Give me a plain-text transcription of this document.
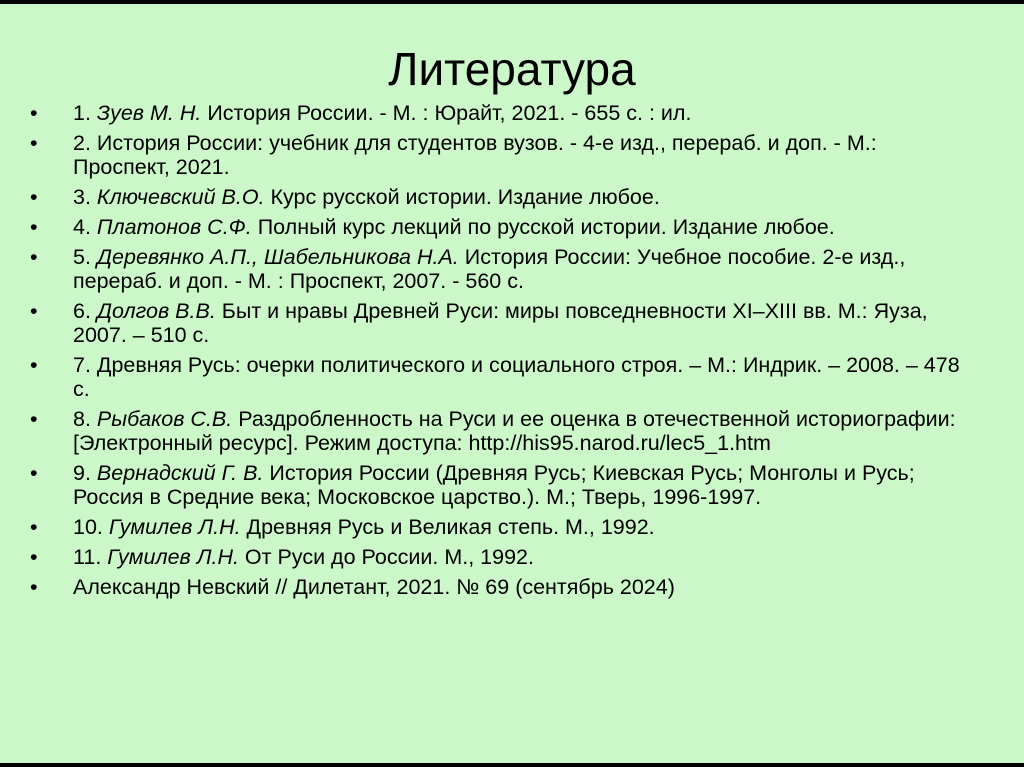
Литература
•	1. Зуев М. Н. История России. - М. : Юрайт, 2021. - 655 с. : ил.
•	2. История России: учебник для студентов вузов. - 4-е изд., перераб. и доп. - М.: Проспект, 2021.
•	3. Ключевский В.О. Курс русской истории. Издание любое.
•	4. Платонов С.Ф. Полный курс лекций по русской истории. Издание любое.
•	5. Деревянко А.П., Шабельникова Н.А. История России: Учебное пособие. 2-е изд., перераб. и доп. - М. : Проспект, 2007. - 560 с.
•	6. Долгов В.В. Быт и нравы Древней Руси: миры повседневности XI–XIII вв. М.: Яуза, 2007. – 510 с.
•	7. Древняя Русь: очерки политического и социального строя. – М.: Индрик. – 2008. – 478 с.
•	8. Рыбаков С.В. Раздробленность на Руси и ее оценка в отечественной историографии: [Электронный ресурс]. Режим доступа: http://his95.narod.ru/lec5_1.htm
•	9. Вернадский Г. В. История России (Древняя Русь; Киевская Русь; Монголы и Русь; Россия в Средние века; Московское царство.). М.; Тверь, 1996-1997.
•	10. Гумилев Л.Н. Древняя Русь и Великая степь. М., 1992.
•	11. Гумилев Л.Н. От Руси до России. М., 1992.
•	Александр Невский // Дилетант, 2021. № 69 (сентябрь 2024)
